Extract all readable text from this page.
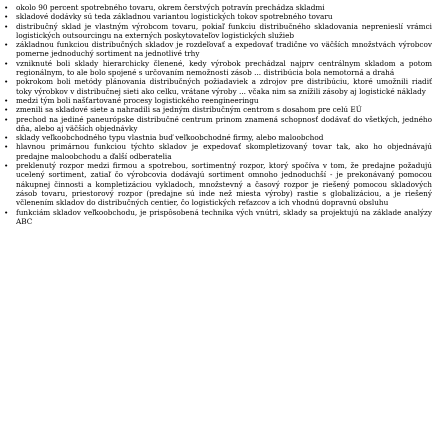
•	okolo 90 percent spotrebného tovaru, okrem čerstvých potravín prechádza skladmi
•	skladové dodávky sú teda základnou variantou logistických tokov spotrebného tovaru
•	distribučný sklad je vlastným výrobcom tovaru, pokiaľ funkciu distribučného skladovania neprenieslí vrámci logistických outsourcingu na externých poskytovateľov logistických služieb
•	základnou funkciou distribučných skladov je rozdeľovať a expedovať tradične vo väčších množstvách výrobcov pomerne jednoduchý sortiment na jednotlivé trhy
•	vzniknuté boli sklady hierarchicky členené, kedy výrobok prechádzal najprv centrálnym skladom a potom regionálnym, to ale bolo spojené s určovaním nemožnosti zásob ... distribúcia bola nemotorná a drahá
•	pokrokom boli metódy plánovania distribučných požiadaviek a zdrojov pre distribúciu, ktoré umožnili riadiť toky výrobkov v distribučnej sieti ako celku, vrátane výroby ... včaka nim sa znížili zásoby aj logistické náklady
•	medzi tým boli našťartované procesy logistického reengineeringu
•	zmenili sa skladové siete a nahradili sa jedným distribučným centrom s dosahom pre celú EÚ
•	prechod na jediné paneurópske distribučné centrum prinom znamená schopnosť dodávať do všetkých, jedného dňa, alebo aj väčších objednávky
•	sklady veľkoobchodného typu vlastnia buď veľkoobchodné firmy, alebo maloobchod
•	hlavnou primárnou funkciou týchto skladov je expedovať skompletizovaný tovar tak, ako ho objednávajú predajne maloobchodu a ďalší odberatelia
•	preklenutý rozpor medzi firmou a spotrebou, sortimentný rozpor, ktorý spočíva v tom, že predajne požadujú ucelený sortiment, zatiaľ čo výrobcovia dodávajú sortiment omnoho jednoduchší - je prekonávaný pomocou nákupnej činnosti a kompletizáciou vykladoch, množstevný a časový rozpor je riešený pomocou skladových zásob tovaru, priestorový rozpor (predajne sú inde než miesta výroby) rastie s globalizáciou, a je riešený včlenením skladov do distribučných centier, čo logistických reťazcov a ich vhodnú dopravnú obsluhu
•	funkciám skladov veľkoobchodu, je prispôsobená technika vých vnútri, sklady sa projektujú na základe analýzy ABC
